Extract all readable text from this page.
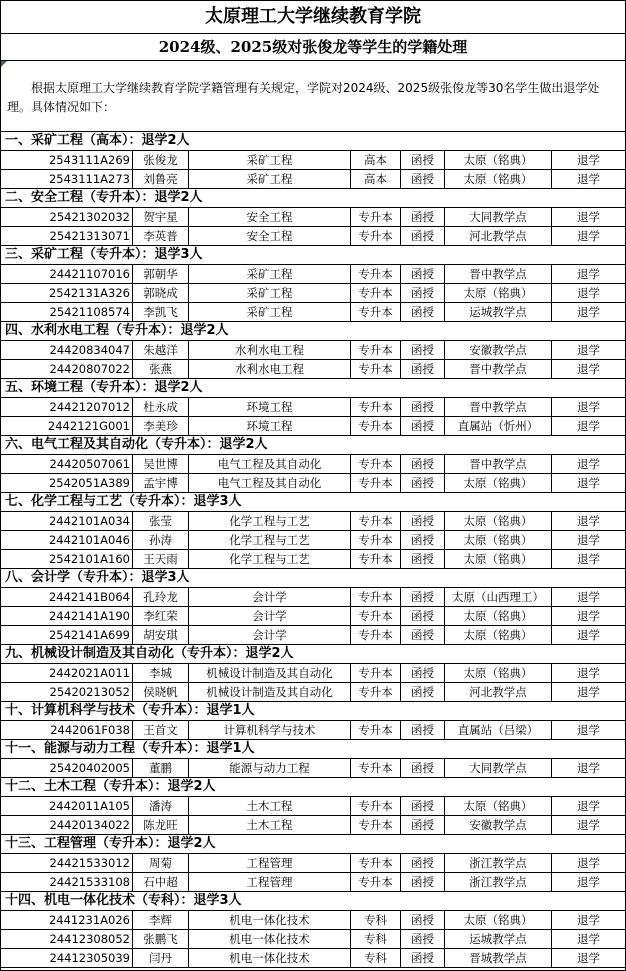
太原理工大学继续教育学院
2024级、2025级对张俊龙等学生的学籍处理
根据太原理工大学继续教育学院学籍管理有关规定，学院对2024级、2025级张俊龙等30名学生做出退学处理。具体情况如下：
一、采矿工程（高本）：退学2人
2543111A269	张俊龙	采矿工程	高本	函授	太原（铭典）	退学
2543111A273	刘鲁亮	采矿工程	高本	函授	太原（铭典）	退学
二、安全工程（专升本）：退学2人
25421302032	贺宇星	安全工程	专升本	函授	大同教学点	退学
25421313071	李英普	安全工程	专升本	函授	河北教学点	退学
三、采矿工程（专升本）：退学3人
24421107016	郭朝华	采矿工程	专升本	函授	晋中教学点	退学
2542131A326	郭晓成	采矿工程	专升本	函授	太原（铭典）	退学
25421108574	李凯飞	采矿工程	专升本	函授	运城教学点	退学
四、水利水电工程（专升本）：退学2人
24420834047	朱越洋	水利水电工程	专升本	函授	安徽教学点	退学
24420807022	张燕	水利水电工程	专升本	函授	晋中教学点	退学
五、环境工程（专升本）：退学2人
24421207012	杜永成	环境工程	专升本	函授	晋中教学点	退学
2442121G001	李美珍	环境工程	专升本	函授	直属站（忻州）	退学
六、电气工程及其自动化（专升本）：退学2人
24420507061	吴世博	电气工程及其自动化	专升本	函授	晋中教学点	退学
2542051A389	孟宇博	电气工程及其自动化	专升本	函授	太原（铭典）	退学
七、化学工程与工艺（专升本）：退学3人
2442101A034	张莹	化学工程与工艺	专升本	函授	太原（铭典）	退学
2442101A046	孙涛	化学工程与工艺	专升本	函授	太原（铭典）	退学
2542101A160	王天雨	化学工程与工艺	专升本	函授	太原（铭典）	退学
八、会计学（专升本）：退学3人
2442141B064	孔玲龙	会计学	专升本	函授	太原（山西理工）	退学
2442141A190	李红荣	会计学	专升本	函授	太原（铭典）	退学
2542141A699	胡安琪	会计学	专升本	函授	太原（铭典）	退学
九、机械设计制造及其自动化（专升本）：退学2人
2442021A011	李城	机械设计制造及其自动化	专升本	函授	太原（铭典）	退学
25420213052	侯晓帆	机械设计制造及其自动化	专升本	函授	河北教学点	退学
十、计算机科学与技术（专升本）：退学1人
2442061F038	王首文	计算机科学与技术	专升本	函授	直属站（吕梁）	退学
十一、能源与动力工程（专升本）：退学1人
25420402005	董鹏	能源与动力工程	专升本	函授	大同教学点	退学
十二、土木工程（专升本）：退学2人
2442011A105	潘涛	土木工程	专升本	函授	太原（铭典）	退学
24420134022	陈龙旺	土木工程	专升本	函授	安徽教学点	退学
十三、工程管理（专升本）：退学2人
24421533012	周菊	工程管理	专升本	函授	浙江教学点	退学
24421533108	石中超	工程管理	专升本	函授	浙江教学点	退学
十四、机电一体化技术（专科）：退学3人
2441231A026	李辉	机电一体化技术	专科	函授	太原（铭典）	退学
24412308052	张鹏飞	机电一体化技术	专科	函授	运城教学点	退学
24412305039	闫丹	机电一体化技术	专科	函授	晋城教学点	退学
